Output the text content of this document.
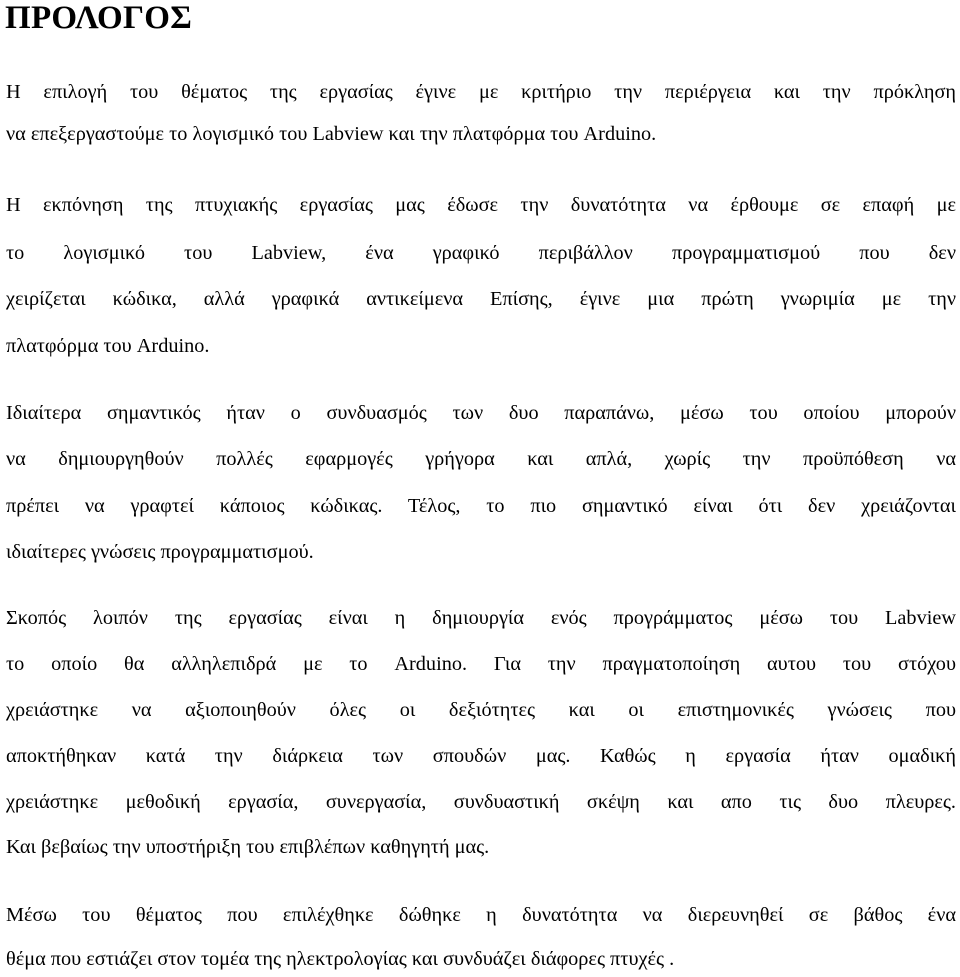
ΠΡΟΛΟΓΟΣ

Η επιλογή του θέματος της εργασίας έγινε με κριτήριο την περιέργεια και την πρόκληση

να επεξεργαστούμε το λογισμικό του Labview και την πλατφόρμα του Arduino.

Η εκπόνηση της πτυχιακής εργασίας μας έδωσε την δυνατότητα να έρθουμε σε επαφή με

το λογισμικό του Labview, ένα γραφικό περιβάλλον προγραμματισμού που δεν

χειρίζεται κώδικα, αλλά γραφικά αντικείμενα Επίσης, έγινε μια πρώτη γνωριμία με την

πλατφόρμα του Arduino.

Ιδιαίτερα σημαντικός ήταν ο συνδυασμός των δυο παραπάνω, μέσω του οποίου μπορούν

να δημιουργηθούν πολλές εφαρμογές γρήγορα και απλά, χωρίς την προϋπόθεση να

πρέπει να γραφτεί κάποιος κώδικας. Τέλος, το πιο σημαντικό είναι ότι δεν χρειάζονται

ιδιαίτερες γνώσεις προγραμματισμού.

Σκοπός λοιπόν της εργασίας είναι η δημιουργία ενός προγράμματος μέσω του Labview

το οποίο θα αλληλεπιδρά με το Arduino. Για την πραγματοποίηση αυτου του στόχου

χρειάστηκε να αξιοποιηθούν όλες οι δεξιότητες και οι επιστημονικές γνώσεις που

αποκτήθηκαν κατά την διάρκεια των σπουδών μας. Καθώς η εργασία ήταν ομαδική

χρειάστηκε μεθοδική εργασία, συνεργασία, συνδυαστική σκέψη και απο τις δυο πλευρες.

Και βεβαίως την υποστήριξη του επιβλέπων καθηγητή μας.

Μέσω του θέματος που επιλέχθηκε δώθηκε η δυνατότητα να διερευνηθεί σε βάθος ένα

θέμα που εστιάζει στον τομέα της ηλεκτρολογίας και συνδυάζει διάφορες πτυχές .
